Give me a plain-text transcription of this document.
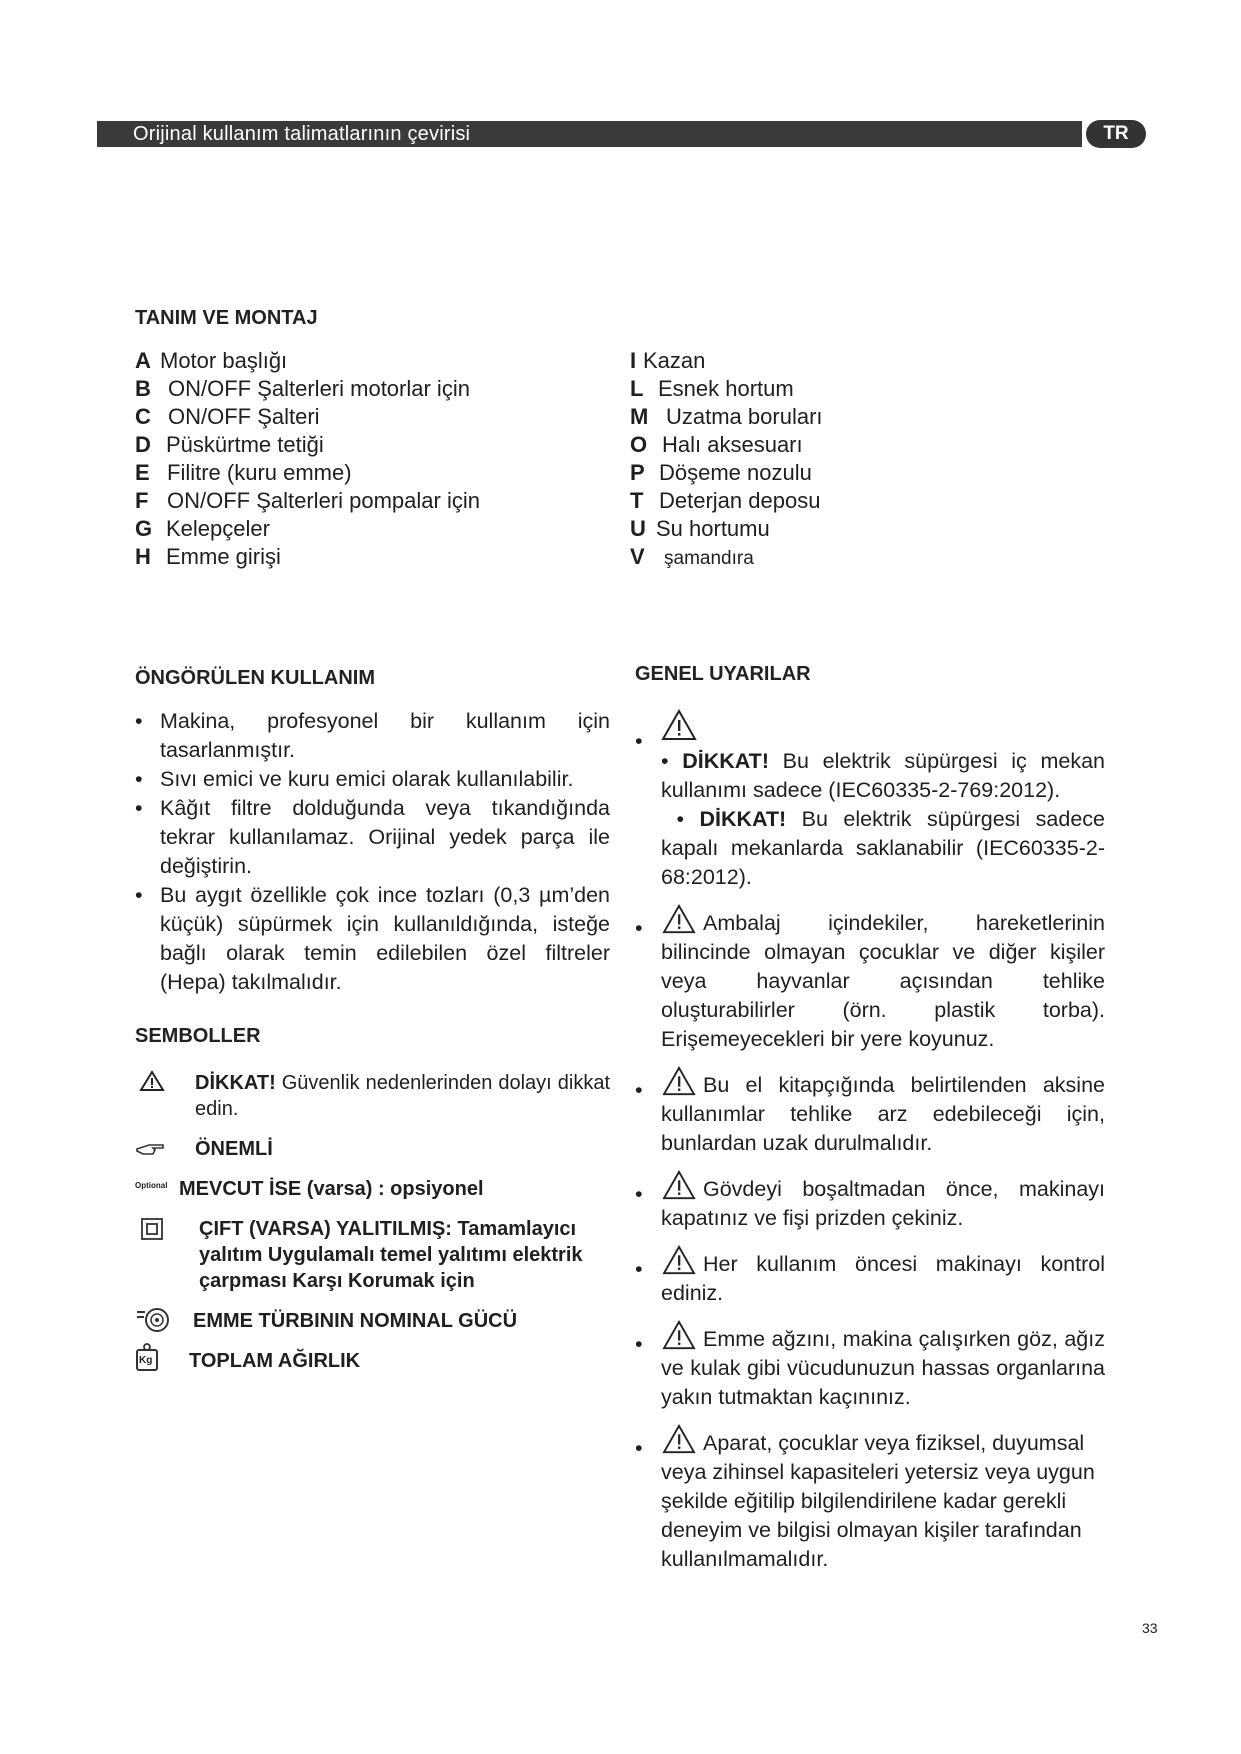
Orijinal kullanım talimatlarının çevirisi	TR
TANIM VE MONTAJ
A Motor başlığı
B ON/OFF Şalterleri motorlar için
C ON/OFF Şalteri
D Püskürtme tetiği
E Filitre (kuru emme)
F ON/OFF Şalterleri pompalar için
G Kelepçeler
H Emme girişi
I Kazan
L Esnek hortum
M Uzatma boruları
O Halı aksesuarı
P Döşeme nozulu
T Deterjan deposu
U Su hortumu
V şamandıra
ÖNGÖRÜLEN KULLANIM
• Makina, profesyonel bir kullanım için tasarlanmıştır.
• Sıvı emici ve kuru emici olarak kullanılabilir.
• Kâğıt filtre dolduğunda veya tıkandığında tekrar kullanılamaz. Orijinal yedek parça ile değiştirin.
• Bu aygıt özellikle çok ince tozları (0,3 µm’den küçük) süpürmek için kullanıldığında, isteğe bağlı olarak temin edilebilen özel filtreler (Hepa) takılmalıdır.
SEMBOLLER
DİKKAT! Güvenlik nedenlerinden dolayı dikkat edin.
ÖNEMLİ
Optional MEVCUT İSE (varsa) : opsiyonel
ÇIFT (VARSA) YALITILMIŞ: Tamamlayıcı yalıtım Uygulamalı temel yalıtımı elektrik çarpması Karşı Korumak için
EMME TÜRBININ NOMINAL GÜCÜ
Kg TOPLAM AĞIRLIK
GENEL UYARILAR
•
• DİKKAT! Bu elektrik süpürgesi iç mekan kullanımı sadece (IEC60335-2-769:2012).
• DİKKAT! Bu elektrik süpürgesi sadece kapalı mekanlarda saklanabilir (IEC60335-2-68:2012).
•	Ambalaj içindekiler, hareketlerinin bilincinde olmayan çocuklar ve diğer kişiler veya hayvanlar açısından tehlike oluşturabilirler (örn. plastik torba). Erişemeyecekleri bir yere koyunuz.
•	Bu el kitapçığında belirtilenden aksine kullanımlar tehlike arz edebileceği için, bunlardan uzak durulmalıdır.
•	Gövdeyi boşaltmadan önce, makinayı kapatınız ve fişi prizden çekiniz.
•	Her kullanım öncesi makinayı kontrol ediniz.
•	Emme ağzını, makina çalışırken göz, ağız ve kulak gibi vücudunuzun hassas organlarına yakın tutmaktan kaçınınız.
•	Aparat, çocuklar veya fiziksel, duyumsal veya zihinsel kapasiteleri yetersiz veya uygun şekilde eğitilip bilgilendirilene kadar gerekli deneyim ve bilgisi olmayan kişiler tarafından kullanılmamalıdır.
33
